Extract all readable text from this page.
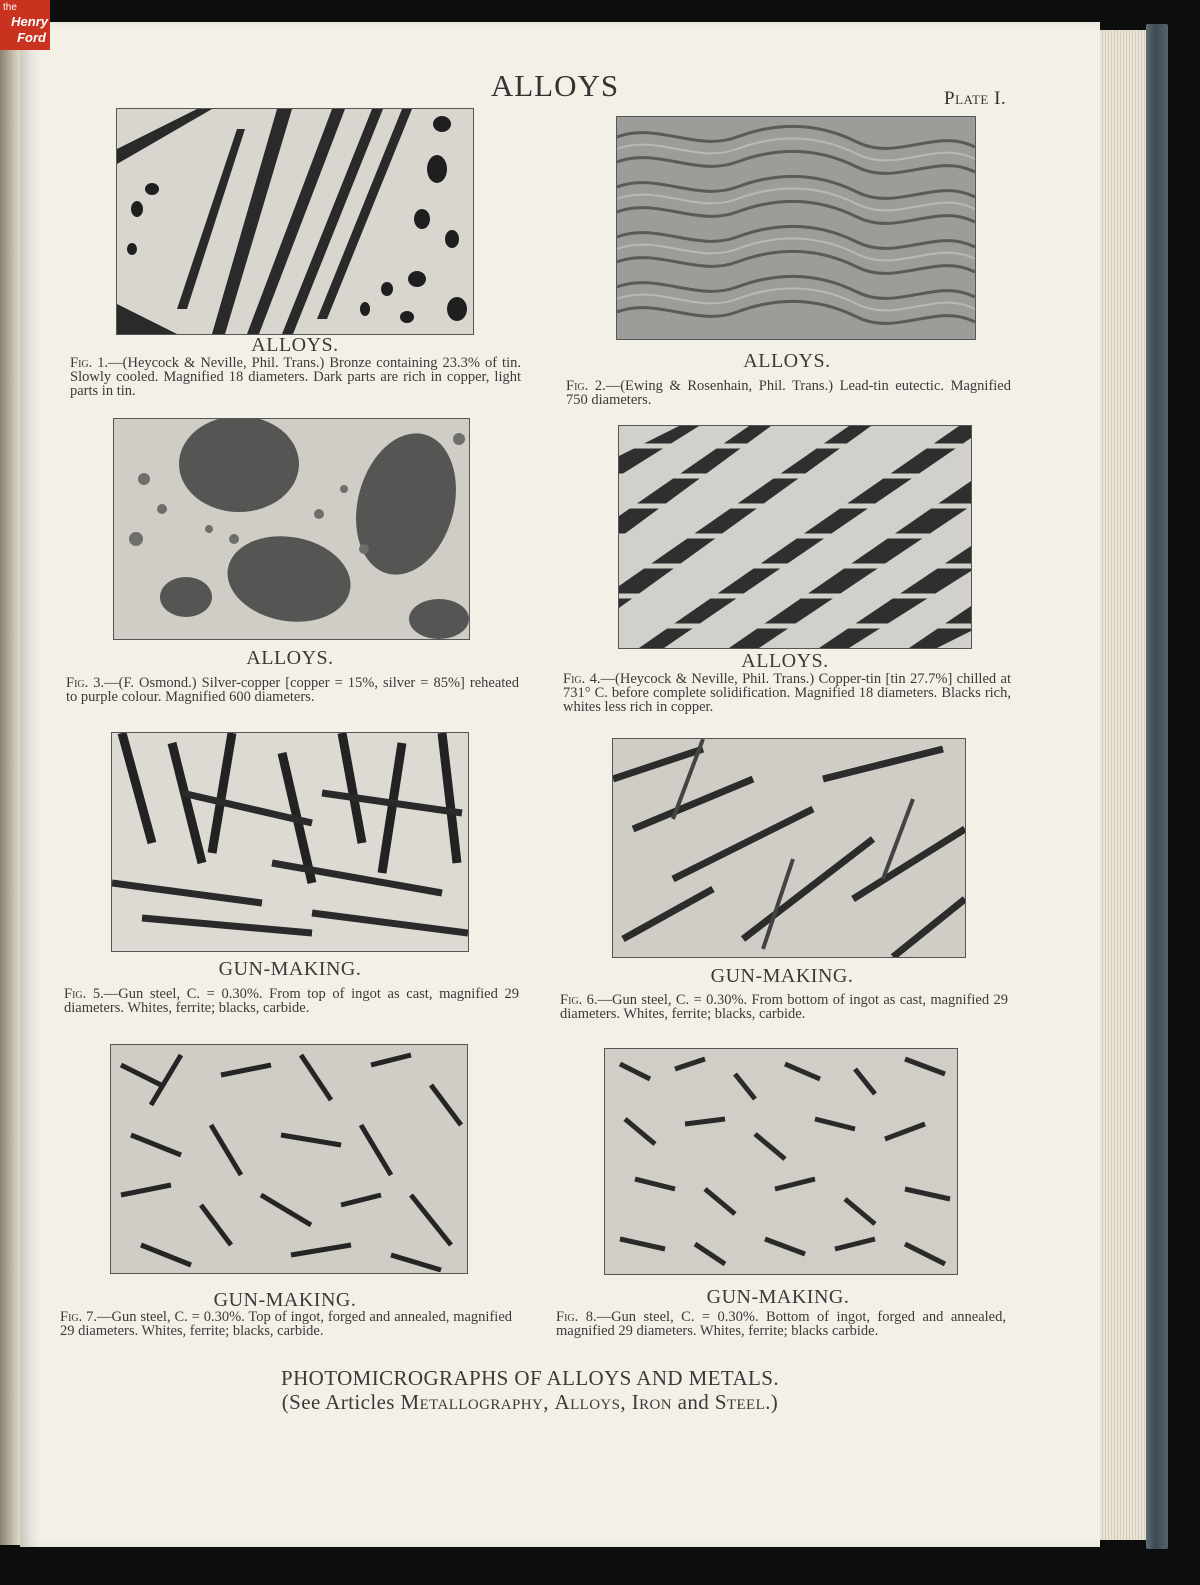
the
Henry
Ford
ALLOYS	Plate I.
ALLOYS.
Fig. 1.—(Heycock & Neville, Phil. Trans.) Bronze containing 23.3% of tin. Slowly cooled. Magnified 18 diameters. Dark parts are rich in copper, light parts in tin.
ALLOYS.
Fig. 2.—(Ewing & Rosenhain, Phil. Trans.) Lead-tin eutectic. Magnified 750 diameters.
ALLOYS.
Fig. 3.—(F. Osmond.) Silver-copper [copper = 15%, silver = 85%] reheated to purple colour. Magnified 600 diameters.
ALLOYS.
Fig. 4.—(Heycock & Neville, Phil. Trans.) Copper-tin [tin 27.7%] chilled at 731° C. before complete solidification. Magnified 18 diameters. Blacks rich, whites less rich in copper.
GUN-MAKING.
Fig. 5.—Gun steel, C. = 0.30%. From top of ingot as cast, magnified 29 diameters. Whites, ferrite; blacks, carbide.
GUN-MAKING.
Fig. 6.—Gun steel, C. = 0.30%. From bottom of ingot as cast, magnified 29 diameters. Whites, ferrite; blacks, carbide.
GUN-MAKING.
Fig. 7.—Gun steel, C. = 0.30%. Top of ingot, forged and annealed, magnified 29 diameters. Whites, ferrite; blacks, carbide.
GUN-MAKING.
Fig. 8.—Gun steel, C. = 0.30%. Bottom of ingot, forged and annealed, magnified 29 diameters. Whites, ferrite; blacks carbide.
PHOTOMICROGRAPHS OF ALLOYS AND METALS.
(See Articles Metallography, Alloys, Iron and Steel.)
